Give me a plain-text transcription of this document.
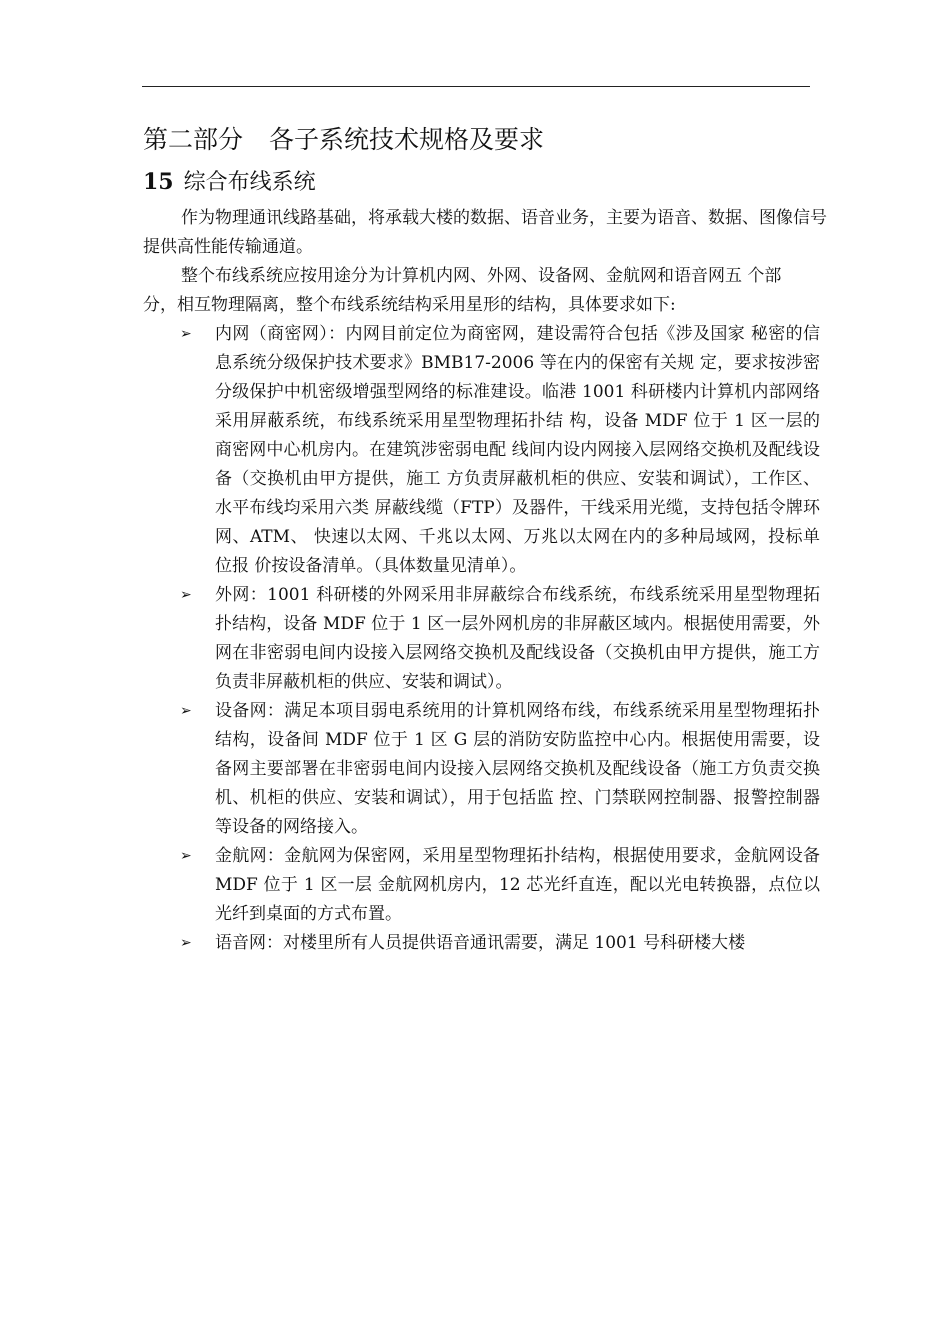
第二部分 各子系统技术规格及要求
15 综合布线系统

作为物理通讯线路基础，将承载大楼的数据、语音业务，主要为语音、数据、图像信号提供高性能传输通道。

整个布线系统应按用途分为计算机内网、外网、设备网、金航网和语音网五 个部分，相互物理隔离，整个布线系统结构采用星形的结构，具体要求如下:

➢	内网（商密网）：内网目前定位为商密网，建设需符合包括《涉及国家 秘密的信息系统分级保护技术要求》BMB17-2006 等在内的保密有关规 定，要求按涉密分级保护中机密级增强型网络的标准建设。临港 1001 科研楼内计算机内部网络采用屏蔽系统，布线系统采用星型物理拓扑结 构，设备 MDF 位于 1 区一层的商密网中心机房内。在建筑涉密弱电配 线间内设内网接入层网络交换机及配线设备（交换机由甲方提供，施工 方负责屏蔽机柜的供应、安装和调试），工作区、水平布线均采用六类 屏蔽线缆（FTP）及器件，干线采用光缆，支持包括令牌环网、ATM、 快速以太网、千兆以太网、万兆以太网在内的多种局域网，投标单位报 价按设备清单。（具体数量见清单）。
➢	外网：1001 科研楼的外网采用非屏蔽综合布线系统，布线系统采用星型物理拓扑结构，设备 MDF 位于 1 区一层外网机房的非屏蔽区域内。根据使用需要，外网在非密弱电间内设接入层网络交换机及配线设备（交换机由甲方提供，施工方负责非屏蔽机柜的供应、安装和调试）。
➢	设备网：满足本项目弱电系统用的计算机网络布线，布线系统采用星型物理拓扑结构，设备间 MDF 位于 1 区 G 层的消防安防监控中心内。根据使用需要，设备网主要部署在非密弱电间内设接入层网络交换机及配线设备（施工方负责交换机、机柜的供应、安装和调试），用于包括监 控、门禁联网控制器、报警控制器等设备的网络接入。
➢	金航网：金航网为保密网，采用星型物理拓扑结构，根据使用要求，金航网设备 MDF 位于 1 区一层 金航网机房内，12 芯光纤直连，配以光电转换器，点位以光纤到桌面的方式布置。
➢	语音网：对楼里所有人员提供语音通讯需要，满足 1001 号科研楼大楼
